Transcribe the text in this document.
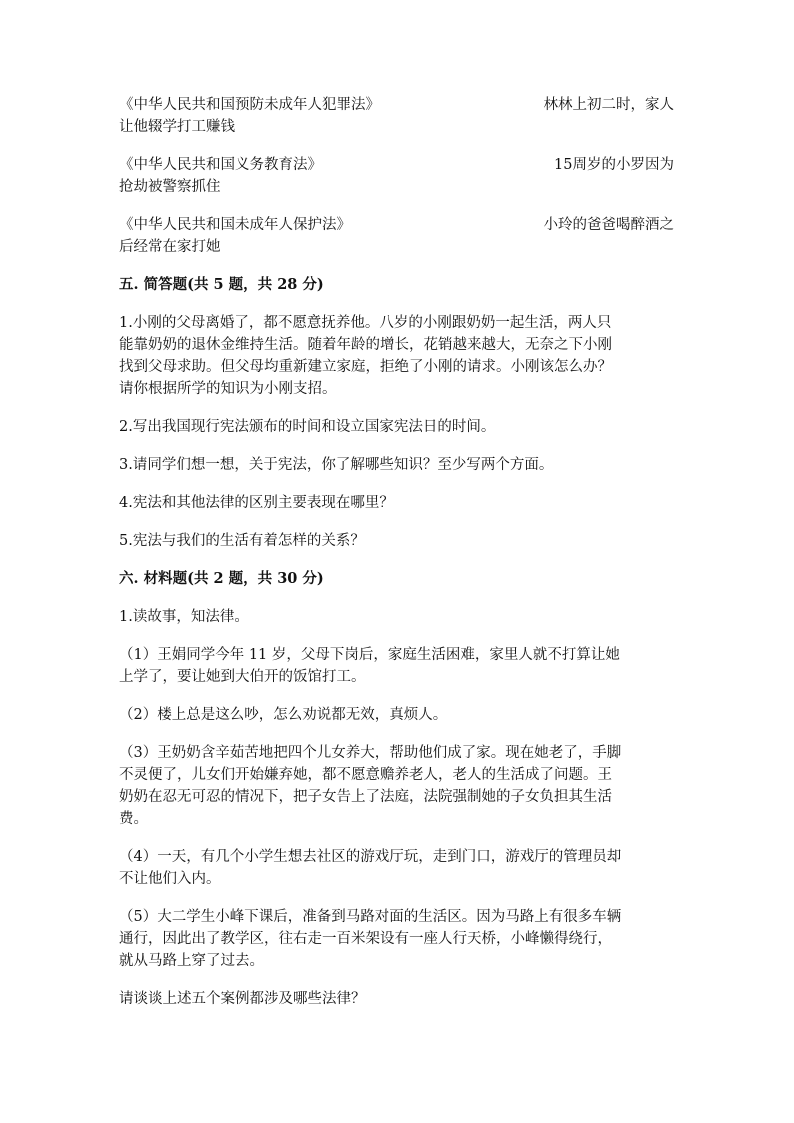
《中华人民共和国预防未成年人犯罪法》	林林上初二时，家人
让他辍学打工赚钱
《中华人民共和国义务教育法》	15周岁的小罗因为
抢劫被警察抓住
《中华人民共和国未成年人保护法》	小玲的爸爸喝醉酒之
后经常在家打她
五. 简答题(共 5 题，共 28 分)
1.小刚的父母离婚了，都不愿意抚养他。八岁的小刚跟奶奶一起生活，两人只
能靠奶奶的退休金维持生活。随着年龄的增长，花销越来越大，无奈之下小刚
找到父母求助。但父母均重新建立家庭，拒绝了小刚的请求。小刚该怎么办？
请你根据所学的知识为小刚支招。
2.写出我国现行宪法颁布的时间和设立国家宪法日的时间。
3.请同学们想一想，关于宪法，你了解哪些知识？至少写两个方面。
4.宪法和其他法律的区别主要表现在哪里？
5.宪法与我们的生活有着怎样的关系？
六. 材料题(共 2 题，共 30 分)
1.读故事，知法律。
（1）王娟同学今年 11 岁，父母下岗后，家庭生活困难，家里人就不打算让她
上学了，要让她到大伯开的饭馆打工。
（2）楼上总是这么吵，怎么劝说都无效，真烦人。
（3）王奶奶含辛茹苦地把四个儿女养大，帮助他们成了家。现在她老了，手脚
不灵便了，儿女们开始嫌弃她，都不愿意赡养老人，老人的生活成了问题。王
奶奶在忍无可忍的情况下，把子女告上了法庭，法院强制她的子女负担其生活
费。
（4）一天，有几个小学生想去社区的游戏厅玩，走到门口，游戏厅的管理员却
不让他们入内。
（5）大二学生小峰下课后，准备到马路对面的生活区。因为马路上有很多车辆
通行，因此出了教学区，往右走一百米架设有一座人行天桥，小峰懒得绕行，
就从马路上穿了过去。
请谈谈上述五个案例都涉及哪些法律？
